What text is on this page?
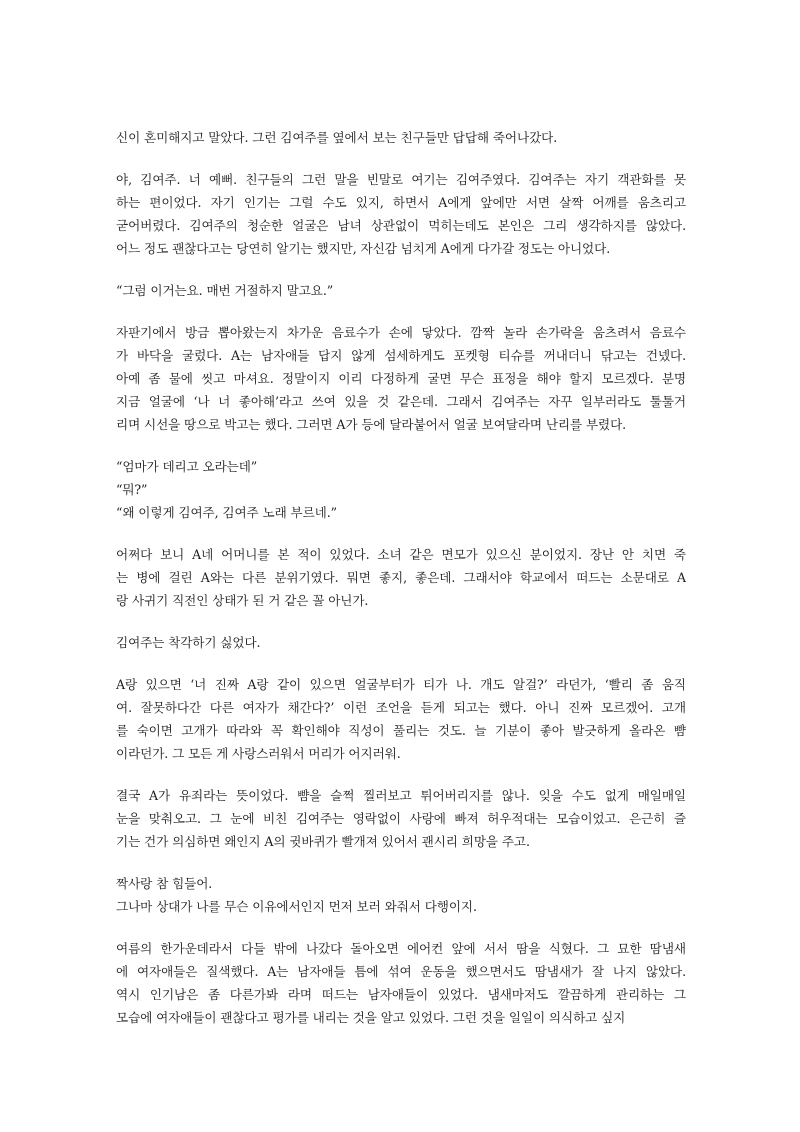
신이 혼미해지고 말았다. 그런 김여주를 옆에서 보는 친구들만 답답해 죽어나갔다.
야, 김여주. 너 예뻐. 친구들의 그런 말을 빈말로 여기는 김여주였다. 김여주는 자기 객관화를 못
하는 편이었다. 자기 인기는 그럴 수도 있지, 하면서 A에게 앞에만 서면 살짝 어깨를 움츠리고
굳어버렸다. 김여주의 청순한 얼굴은 남녀 상관없이 먹히는데도 본인은 그리 생각하지를 않았다.
어느 정도 괜찮다고는 당연히 알기는 했지만, 자신감 넘치게 A에게 다가갈 정도는 아니었다.
“그럼 이거는요. 매번 거절하지 말고요.”
자판기에서 방금 뽑아왔는지 차가운 음료수가 손에 닿았다. 깜짝 놀라 손가락을 움츠려서 음료수
가 바닥을 굴렀다. A는 남자애들 답지 않게 섬세하게도 포켓형 티슈를 꺼내더니 닦고는 건넸다.
아예 좀 물에 씻고 마셔요. 정말이지 이리 다정하게 굴면 무슨 표정을 해야 할지 모르겠다. 분명
지금 얼굴에 ‘나 너 좋아해’라고 쓰여 있을 것 같은데. 그래서 김여주는 자꾸 일부러라도 툴툴거
리며 시선을 땅으로 박고는 했다. 그러면 A가 등에 달라붙어서 얼굴 보여달라며 난리를 부렸다.
“엄마가 데리고 오라는데”
“뭐?”
“왜 이렇게 김여주, 김여주 노래 부르네.”
어쩌다 보니 A네 어머니를 본 적이 있었다. 소녀 같은 면모가 있으신 분이었지. 장난 안 치면 죽
는 병에 걸린 A와는 다른 분위기였다. 뭐면 좋지, 좋은데. 그래서야 학교에서 떠드는 소문대로 A
랑 사귀기 직전인 상태가 된 거 같은 꼴 아닌가.
김여주는 착각하기 싫었다.
A랑 있으면 ‘너 진짜 A랑 같이 있으면 얼굴부터가 티가 나. 개도 알걸?’ 라던가, ‘빨리 좀 움직
여. 잘못하다간 다른 여자가 채간다?’ 이런 조언을 듣게 되고는 했다. 아니 진짜 모르겠어. 고개
를 숙이면 고개가 따라와 꼭 확인해야 직성이 풀리는 것도. 늘 기분이 좋아 발긋하게 올라온 뺨
이라던가. 그 모든 게 사랑스러워서 머리가 어지러워.
결국 A가 유죄라는 뜻이었다. 뺨을 슬쩍 찔러보고 튀어버리지를 않나. 잊을 수도 없게 매일매일
눈을 맞춰오고. 그 눈에 비친 김여주는 영락없이 사랑에 빠져 허우적대는 모습이었고. 은근히 즐
기는 건가 의심하면 왜인지 A의 귓바퀴가 빨개져 있어서 괜시리 희망을 주고.
짝사랑 참 힘들어.
그나마 상대가 나를 무슨 이유에서인지 먼저 보러 와줘서 다행이지.
여름의 한가운데라서 다들 밖에 나갔다 돌아오면 에어컨 앞에 서서 땀을 식혔다. 그 묘한 땀냄새
에 여자애들은 질색했다. A는 남자애들 틈에 섞여 운동을 했으면서도 땀냄새가 잘 나지 않았다.
역시 인기남은 좀 다른가봐 라며 떠드는 남자애들이 있었다. 냄새마저도 깔끔하게 관리하는 그
모습에 여자애들이 괜찮다고 평가를 내리는 것을 알고 있었다. 그런 것을 일일이 의식하고 싶지
